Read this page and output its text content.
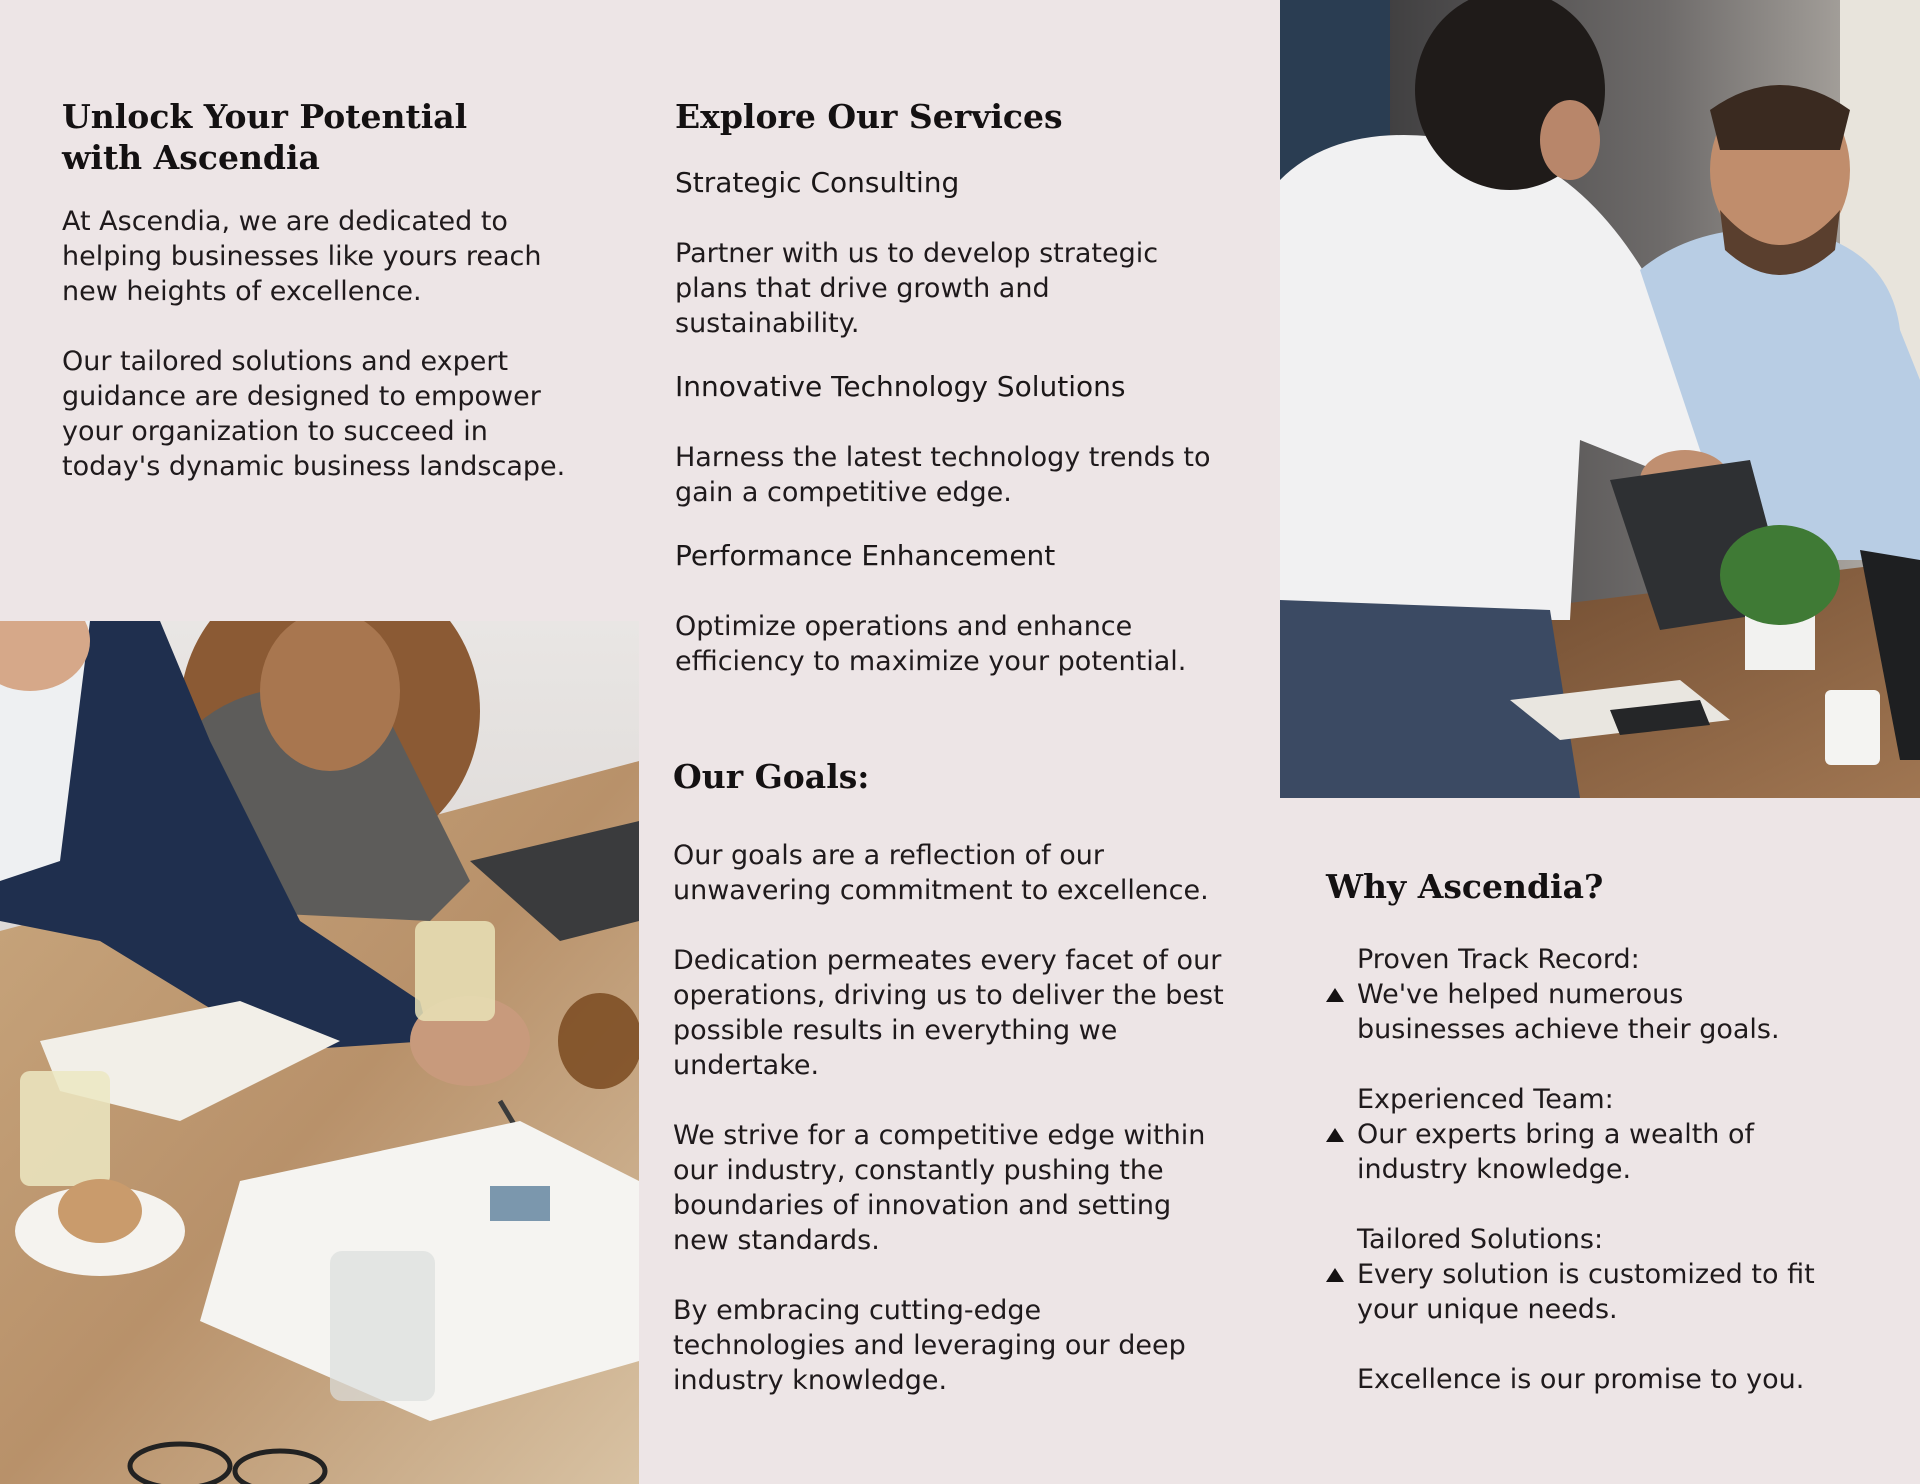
Unlock Your Potential
with Ascendia

At Ascendia, we are dedicated to
helping businesses like yours reach
new heights of excellence.

Our tailored solutions and expert
guidance are designed to empower
your organization to succeed in
today's dynamic business landscape.

Explore Our Services

Strategic Consulting

Partner with us to develop strategic
plans that drive growth and
sustainability.

Innovative Technology Solutions

Harness the latest technology trends to
gain a competitive edge.

Performance Enhancement

Optimize operations and enhance
efficiency to maximize your potential.

Our Goals:

Our goals are a reflection of our
unwavering commitment to excellence.

Dedication permeates every facet of our
operations, driving us to deliver the best
possible results in everything we
undertake.

We strive for a competitive edge within
our industry, constantly pushing the
boundaries of innovation and setting
new standards.

By embracing cutting-edge
technologies and leveraging our deep
industry knowledge.

Why Ascendia?

Proven Track Record:
We've helped numerous
businesses achieve their goals.

Experienced Team:
Our experts bring a wealth of
industry knowledge.

Tailored Solutions:
Every solution is customized to fit
your unique needs.

Excellence is our promise to you.
